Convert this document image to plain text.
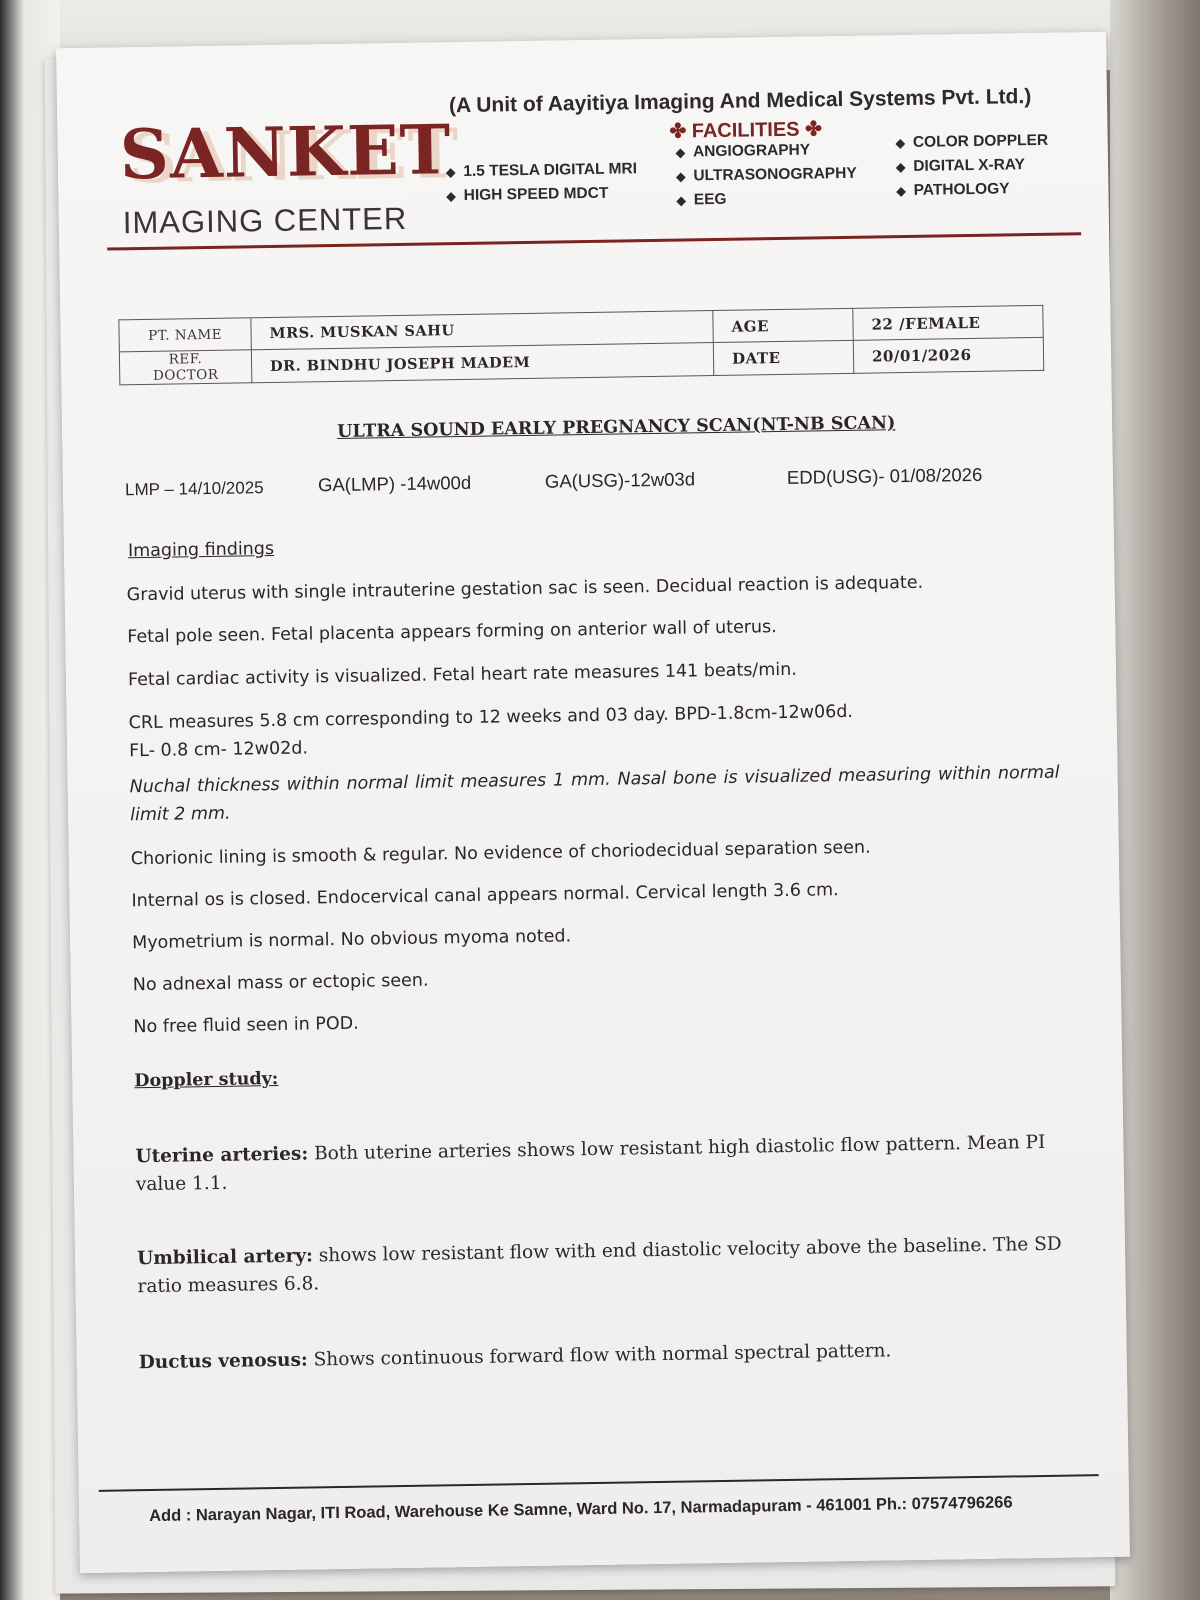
SANKET
IMAGING CENTER
(A Unit of Aayitiya Imaging And Medical Systems Pvt. Ltd.)
✤ FACILITIES ✤
◆ 1.5 TESLA DIGITAL MRI
◆ HIGH SPEED MDCT
◆ ANGIOGRAPHY
◆ ULTRASONOGRAPHY
◆ EEG
◆ COLOR DOPPLER
◆ DIGITAL X-RAY
◆ PATHOLOGY
PT. NAME	MRS. MUSKAN SAHU	AGE	22 /FEMALE
REF. DOCTOR	DR. BINDHU JOSEPH MADEM	DATE	20/01/2026
ULTRA SOUND EARLY PREGNANCY SCAN(NT-NB SCAN)
LMP – 14/10/2025	GA(LMP) -14w00d	GA(USG)-12w03d	EDD(USG)- 01/08/2026
Imaging findings
Gravid uterus with single intrauterine gestation sac is seen. Decidual reaction is adequate.
Fetal pole seen. Fetal placenta appears forming on anterior wall of uterus.
Fetal cardiac activity is visualized. Fetal heart rate measures 141 beats/min.
CRL measures 5.8 cm corresponding to 12 weeks and 03 day. BPD-1.8cm-12w06d.
FL- 0.8 cm- 12w02d.
Nuchal thickness within normal limit measures 1 mm. Nasal bone is visualized measuring within normal limit 2 mm.
Chorionic lining is smooth & regular. No evidence of choriodecidual separation seen.
Internal os is closed. Endocervical canal appears normal. Cervical length 3.6 cm.
Myometrium is normal. No obvious myoma noted.
No adnexal mass or ectopic seen.
No free fluid seen in POD.
Doppler study:
Uterine arteries: Both uterine arteries shows low resistant high diastolic flow pattern. Mean PI value 1.1.
Umbilical artery: shows low resistant flow with end diastolic velocity above the baseline. The SD ratio measures 6.8.
Ductus venosus: Shows continuous forward flow with normal spectral pattern.
Add : Narayan Nagar, ITI Road, Warehouse Ke Samne, Ward No. 17, Narmadapuram - 461001 Ph.: 07574796266
